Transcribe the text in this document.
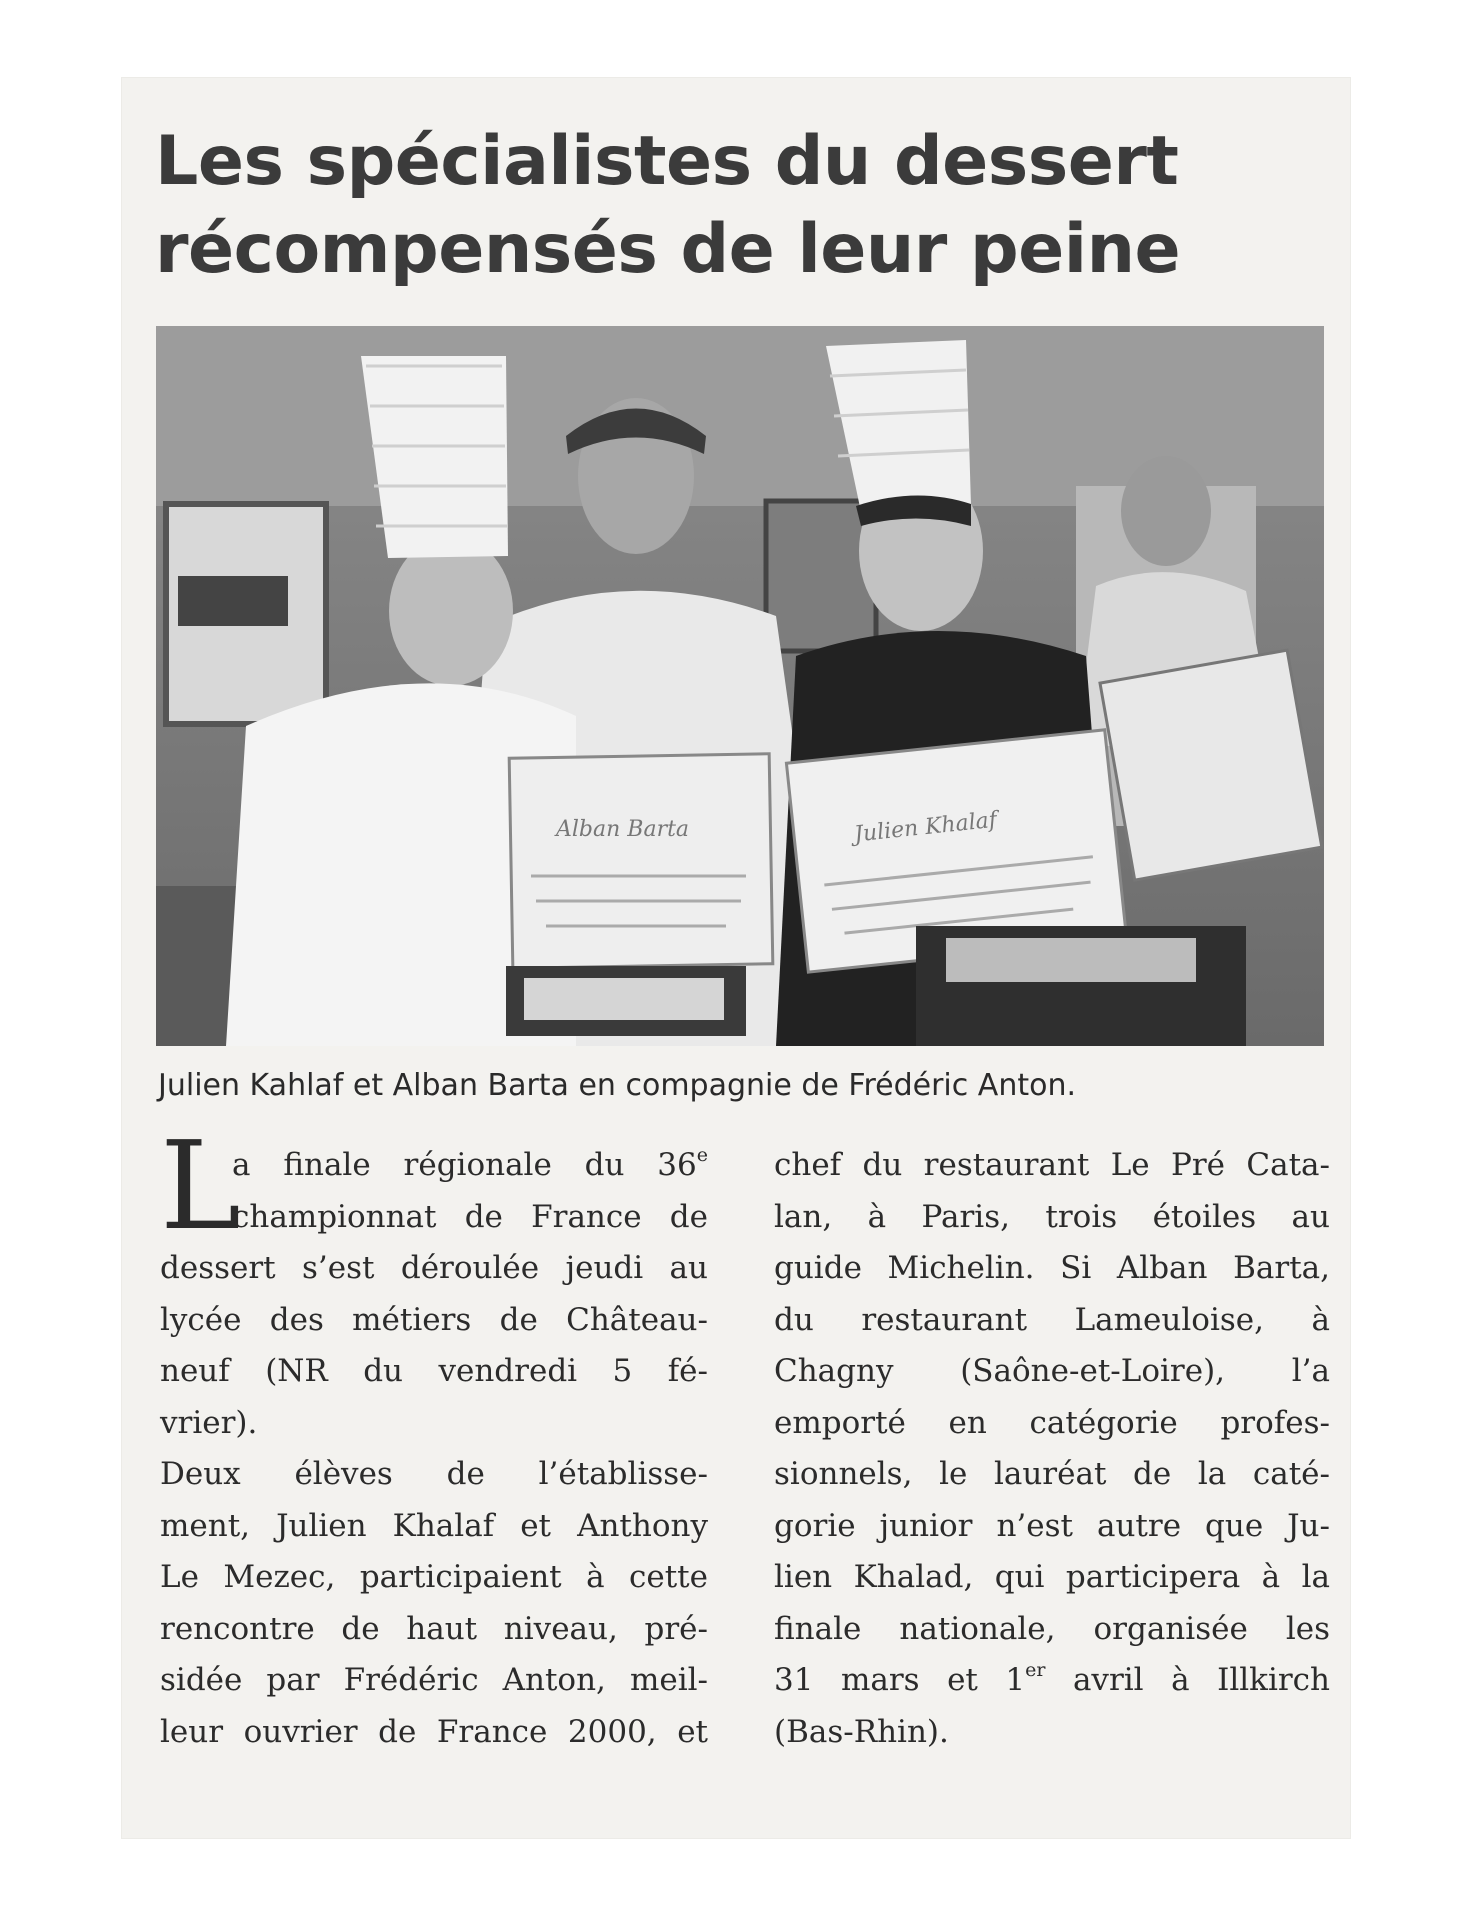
Les spécialistes du dessert
récompensés de leur peine
Alban Barta	Julien Khalaf
Julien Kahlaf et Alban Barta en compagnie de Frédéric Anton.
L
a finale régionale du 36e
championnat de France de
dessert s’est déroulée jeudi au
lycée des métiers de Château-
neuf (NR du vendredi 5 fé-
vrier).
Deux élèves de l’établisse-
ment, Julien Khalaf et Anthony
Le Mezec, participaient à cette
rencontre de haut niveau, pré-
sidée par Frédéric Anton, meil-
leur ouvrier de France 2000, et
chef du restaurant Le Pré Cata-
lan, à Paris, trois étoiles au
guide Michelin. Si Alban Barta,
du restaurant Lameuloise, à
Chagny (Saône-et-Loire), l’a
emporté en catégorie profes-
sionnels, le lauréat de la caté-
gorie junior n’est autre que Ju-
lien Khalad, qui participera à la
finale nationale, organisée les
31 mars et 1er avril à Illkirch
(Bas-Rhin).
